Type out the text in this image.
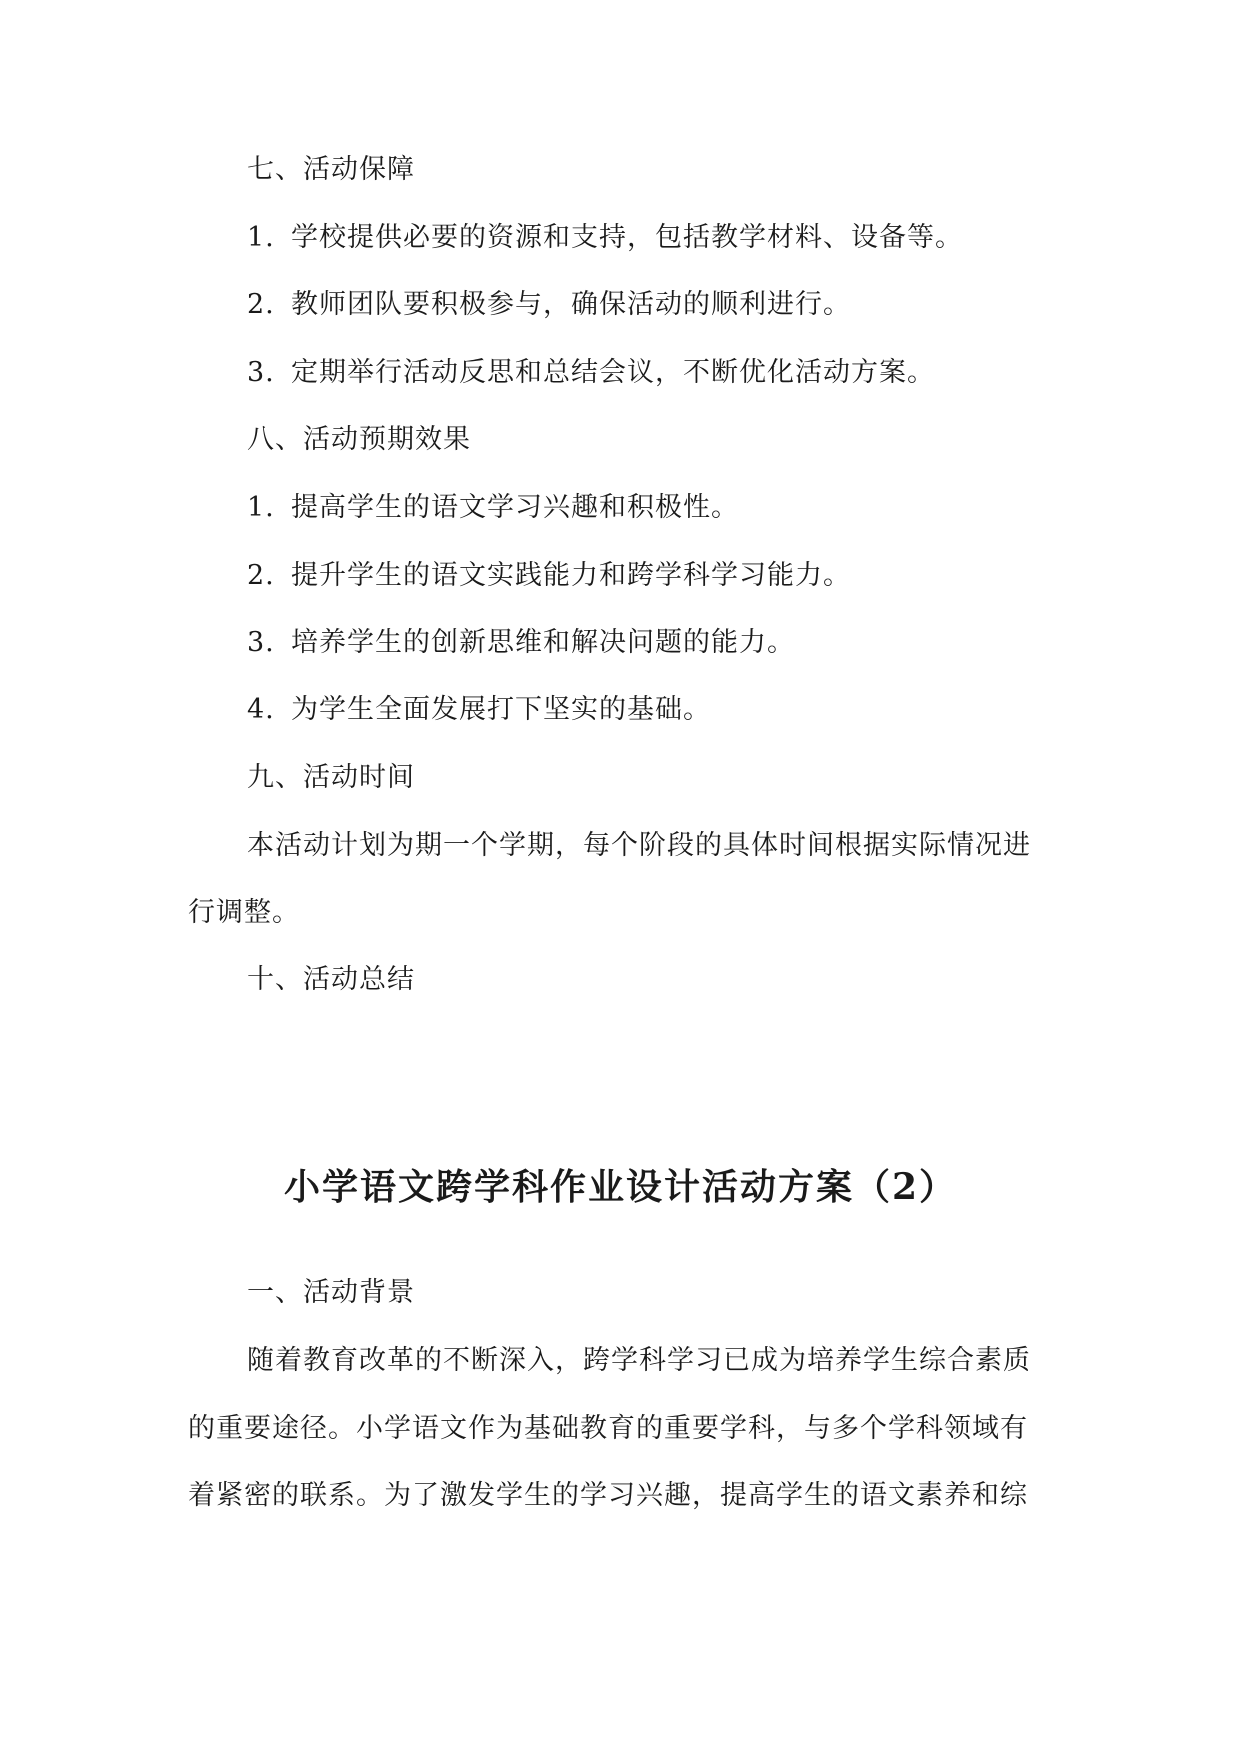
七、活动保障
1. 学校提供必要的资源和支持，包括教学材料、设备等。
2. 教师团队要积极参与，确保活动的顺利进行。
3. 定期举行活动反思和总结会议，不断优化活动方案。
八、活动预期效果
1. 提高学生的语文学习兴趣和积极性。
2. 提升学生的语文实践能力和跨学科学习能力。
3. 培养学生的创新思维和解决问题的能力。
4. 为学生全面发展打下坚实的基础。
九、活动时间
本活动计划为期一个学期，每个阶段的具体时间根据实际情况进
行调整。
十、活动总结
小学语文跨学科作业设计活动方案（2）
一、活动背景
随着教育改革的不断深入，跨学科学习已成为培养学生综合素质
的重要途径。小学语文作为基础教育的重要学科，与多个学科领域有
着紧密的联系。为了激发学生的学习兴趣，提高学生的语文素养和综
